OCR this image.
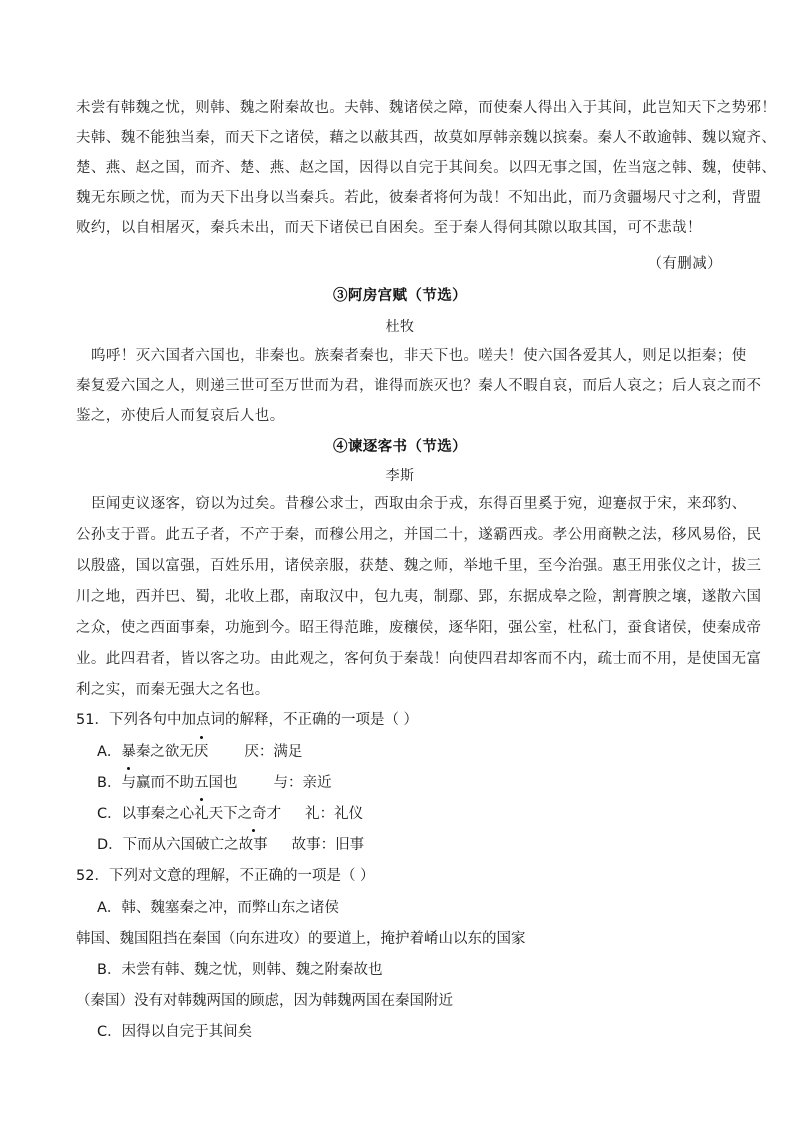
未尝有韩魏之忧，则韩、魏之附秦故也。夫韩、魏诸侯之障，而使秦人得出入于其间，此岂知天下之势邪！
夫韩、魏不能独当秦，而天下之诸侯，藉之以蔽其西，故莫如厚韩亲魏以摈秦。秦人不敢逾韩、魏以窥齐、
楚、燕、赵之国，而齐、楚、燕、赵之国，因得以自完于其间矣。以四无事之国，佐当寇之韩、魏，使韩、
魏无东顾之忧，而为天下出身以当秦兵。若此，彼秦者将何为哉！不知出此，而乃贪疆埸尺寸之利，背盟
败约，以自相屠灭，秦兵未出，而天下诸侯已自困矣。至于秦人得伺其隙以取其国，可不悲哉！
（有删减）
③阿房宫赋（节选）
杜牧
呜呼！灭六国者六国也，非秦也。族秦者秦也，非天下也。嗟夫！使六国各爱其人，则足以拒秦；使
秦复爱六国之人，则递三世可至万世而为君，谁得而族灭也？秦人不暇自哀，而后人哀之；后人哀之而不
鉴之，亦使后人而复哀后人也。
④谏逐客书（节选）
李斯
臣闻吏议逐客，窃以为过矣。昔穆公求士，西取由余于戎，东得百里奚于宛，迎蹇叔于宋，来邳豹、
公孙支于晋。此五子者，不产于秦，而穆公用之，并国二十，遂霸西戎。孝公用商鞅之法，移风易俗，民
以殷盛，国以富强，百姓乐用，诸侯亲服，获楚、魏之师，举地千里，至今治强。惠王用张仪之计，拔三
川之地，西并巴、蜀，北收上郡，南取汉中，包九夷，制鄢、郢，东据成皋之险，割膏腴之壤，遂散六国
之众，使之西面事秦，功施到今。昭王得范雎，废穰侯，逐华阳，强公室，杜私门，蚕食诸侯，使秦成帝
业。此四君者，皆以客之功。由此观之，客何负于秦哉！向使四君却客而不内，疏士而不用，是使国无富
利之实，而秦无强大之名也。
51．下列各句中加点词的解释，不正确的一项是（ ）
A．暴秦之欲无厌 厌：满足
B．与赢而不助五国也 与：亲近
C．以事秦之心礼天下之奇才 礼：礼仪
D．下而从六国破亡之故事 故事：旧事
52．下列对文意的理解，不正确的一项是（ ）
A．韩、魏塞秦之冲，而弊山东之诸侯
韩国、魏国阻挡在秦国（向东进攻）的要道上，掩护着崤山以东的国家
B．未尝有韩、魏之忧，则韩、魏之附秦故也
（秦国）没有对韩魏两国的顾虑，因为韩魏两国在秦国附近
C．因得以自完于其间矣
